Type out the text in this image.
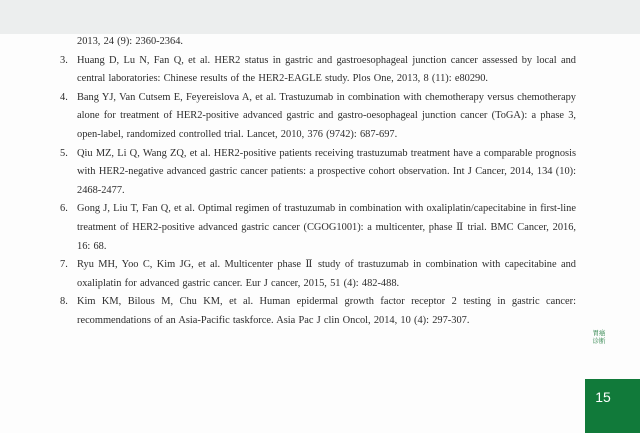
2013, 24 (9): 2360-2364.
3. Huang D, Lu N, Fan Q, et al. HER2 status in gastric and gastroesophageal junction cancer assessed by local and central laboratories: Chinese results of the HER2-EAGLE study. Plos One, 2013, 8 (11): e80290.
4. Bang YJ, Van Cutsem E, Feyereislova A, et al. Trastuzumab in combination with chemotherapy versus chemotherapy alone for treatment of HER2-positive advanced gastric and gastro-oesophageal junction cancer (ToGA): a phase 3, open-label, randomized controlled trial. Lancet, 2010, 376 (9742): 687-697.
5. Qiu MZ, Li Q, Wang ZQ, et al. HER2-positive patients receiving trastuzumab treatment have a comparable prognosis with HER2-negative advanced gastric cancer patients: a prospective cohort observation. Int J Cancer, 2014, 134 (10): 2468-2477.
6. Gong J, Liu T, Fan Q, et al. Optimal regimen of trastuzumab in combination with oxaliplatin/capecitabine in first-line treatment of HER2-positive advanced gastric cancer (CGOG1001): a multicenter, phase Ⅱ trial. BMC Cancer, 2016, 16: 68.
7. Ryu MH, Yoo C, Kim JG, et al. Multicenter phase Ⅱ study of trastuzumab in combination with capecitabine and oxaliplatin for advanced gastric cancer. Eur J cancer, 2015, 51 (4): 482-488.
8. Kim KM, Bilous M, Chu KM, et al. Human epidermal growth factor receptor 2 testing in gastric cancer: recommendations of an Asia-Pacific taskforce. Asia Pac J clin Oncol, 2014, 10 (4): 297-307.
胃癌诊断
15
